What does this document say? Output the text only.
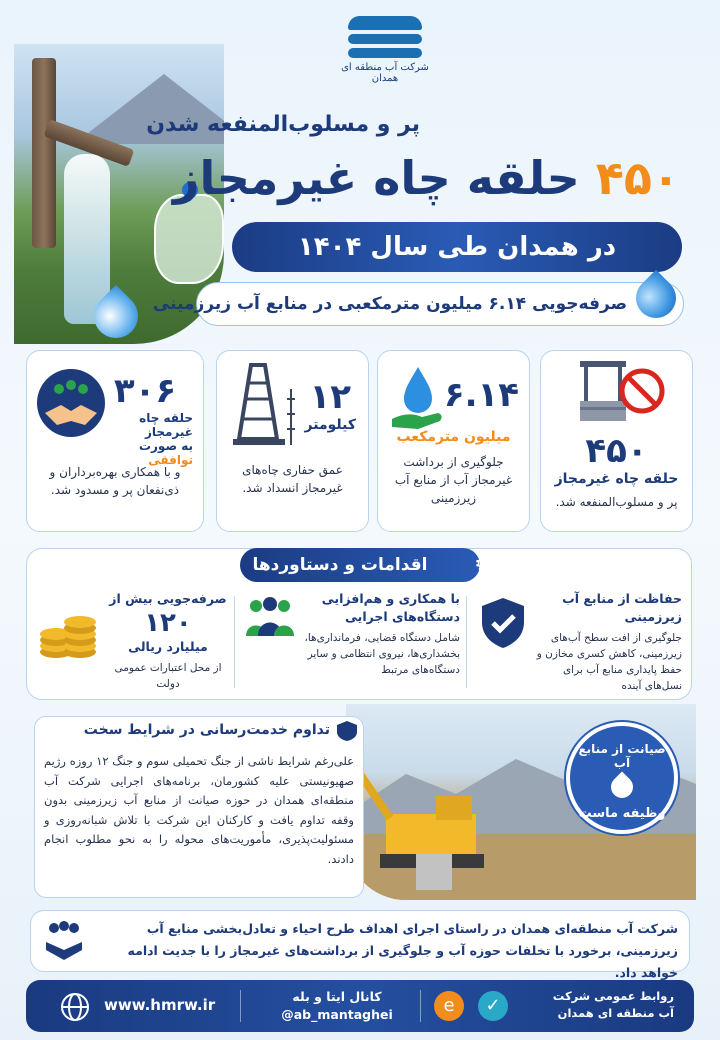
شرکت آب منطقه ای همدان
پر و مسلوب‌المنفعه شدن
۴۵۰ حلقه چاه غیرمجاز
در همدان طی سال ۱۴۰۴
صرفه‌جویی ۶.۱۴ میلیون مترمکعبی در منابع آب زیرزمینی
۴۵۰
حلقه چاه غیرمجاز
پر و مسلوب‌المنفعه شد.
۶.۱۴
میلیون مترمکعب
جلوگیری از برداشت غیرمجاز آب از منابع آب زیرزمینی
۱۲
کیلومتر
عمق حفاری چاه‌های غیرمجاز انسداد شد.
۳۰۶
حلقه چاه غیرمجاز
به صورت توافقی
و با همکاری بهره‌برداران و ذی‌نفعان پر و مسدود شد.
اقدامات و دستاوردها	⚙
حفاظت از منابع آب زیرزمینی
جلوگیری از افت سطح آب‌های زیرزمینی، کاهش کسری مخازن و حفظ پایداری منابع آب برای نسل‌های آینده
با همکاری و هم‌افزایی دستگاه‌های اجرایی
شامل دستگاه قضایی، فرمانداری‌ها، بخشداری‌ها، نیروی انتظامی و سایر دستگاه‌های مرتبط
صرفه‌جویی بیش از
۱۲۰
میلیارد ریالی
از محل اعتبارات عمومی دولت
تداوم خدمت‌رسانی در شرایط سخت
علی‌رغم شرایط ناشی از جنگ تحمیلی سوم و جنگ ۱۲ روزه رژیم صهیونیستی علیه کشورمان، برنامه‌های اجرایی شرکت آب منطقه‌ای همدان در حوزه صیانت از منابع آب زیرزمینی بدون وقفه تداوم یافت و کارکنان این شرکت با تلاش شبانه‌روزی و مسئولیت‌پذیری، مأموریت‌های محوله را به نحو مطلوب انجام دادند.
صیانت از منابع آب
وظیفه ماست
شرکت آب منطقه‌ای همدان در راستای اجرای اهداف طرح احیاء و تعادل‌بخشی منابع آب زیرزمینی، برخورد با تخلفات حوزه آب و جلوگیری از برداشت‌های غیرمجاز را با جدیت ادامه خواهد داد.
روابط عمومی شرکت
آب منطقه ای همدان
✓
e
کانال ایتا و بله
@ab_mantaghei
www.hmrw.ir
